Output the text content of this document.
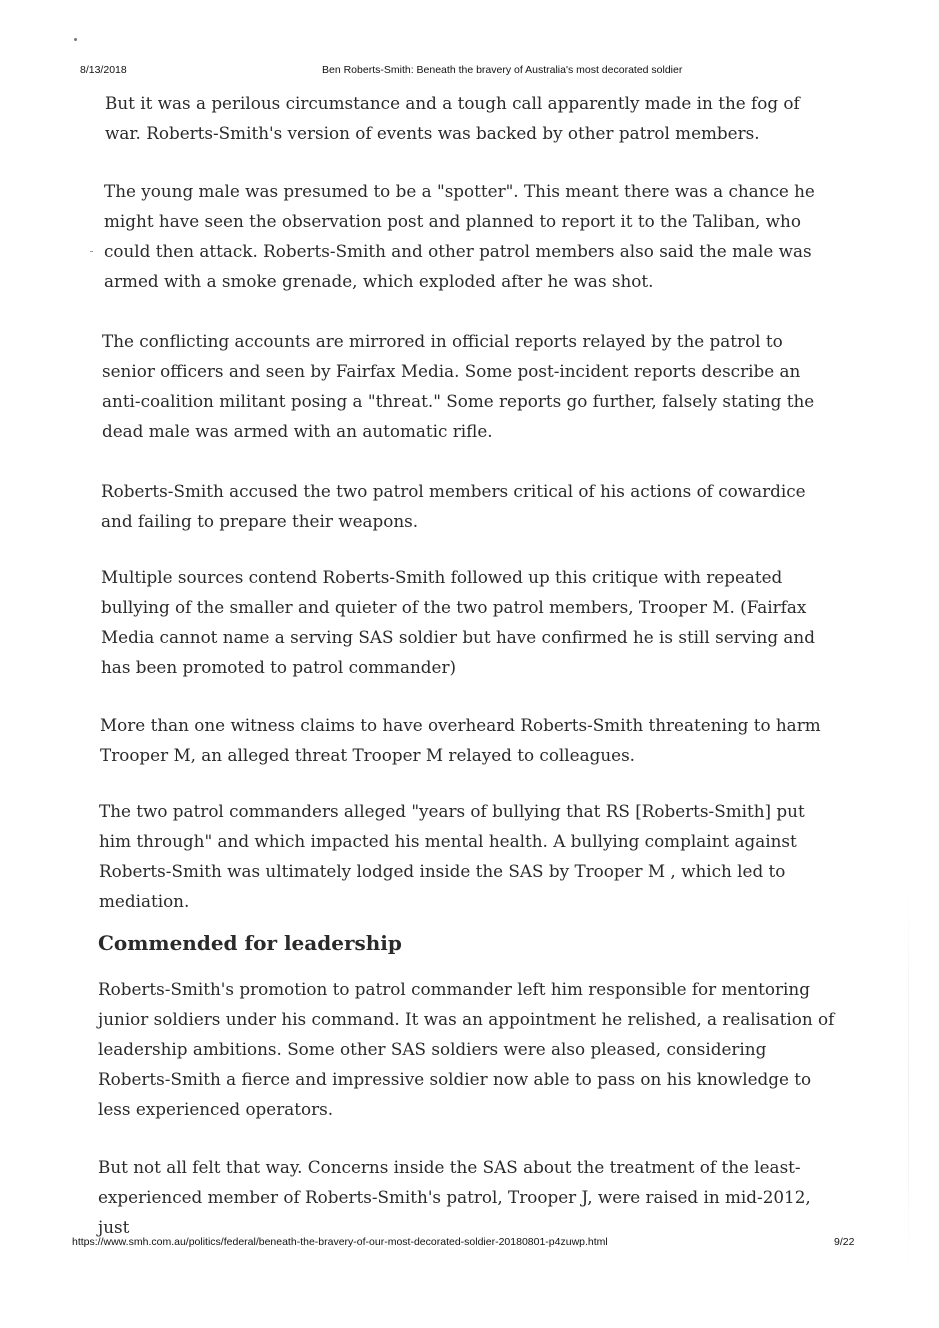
8/13/2018	Ben Roberts-Smith: Beneath the bravery of Australia's most decorated soldier

But it was a perilous circumstance and a tough call apparently made in the fog of war. Roberts-Smith's version of events was backed by other patrol members.

The young male was presumed to be a "spotter". This meant there was a chance he might have seen the observation post and planned to report it to the Taliban, who could then attack. Roberts-Smith and other patrol members also said the male was armed with a smoke grenade, which exploded after he was shot.

The conflicting accounts are mirrored in official reports relayed by the patrol to senior officers and seen by Fairfax Media. Some post-incident reports describe an anti-coalition militant posing a "threat." Some reports go further, falsely stating the dead male was armed with an automatic rifle.

Roberts-Smith accused the two patrol members critical of his actions of cowardice and failing to prepare their weapons.

Multiple sources contend Roberts-Smith followed up this critique with repeated bullying of the smaller and quieter of the two patrol members, Trooper M. (Fairfax Media cannot name a serving SAS soldier but have confirmed he is still serving and has been promoted to patrol commander)

More than one witness claims to have overheard Roberts-Smith threatening to harm Trooper M, an alleged threat Trooper M relayed to colleagues.

The two patrol commanders alleged "years of bullying that RS [Roberts-Smith] put him through" and which impacted his mental health. A bullying complaint against Roberts-Smith was ultimately lodged inside the SAS by Trooper M , which led to mediation.

Commended for leadership

Roberts-Smith's promotion to patrol commander left him responsible for mentoring junior soldiers under his command. It was an appointment he relished, a realisation of leadership ambitions. Some other SAS soldiers were also pleased, considering Roberts-Smith a fierce and impressive soldier now able to pass on his knowledge to less experienced operators.

But not all felt that way. Concerns inside the SAS about the treatment of the least-experienced member of Roberts-Smith's patrol, Trooper J, were raised in mid-2012, just

https://www.smh.com.au/politics/federal/beneath-the-bravery-of-our-most-decorated-soldier-20180801-p4zuwp.html	9/22
